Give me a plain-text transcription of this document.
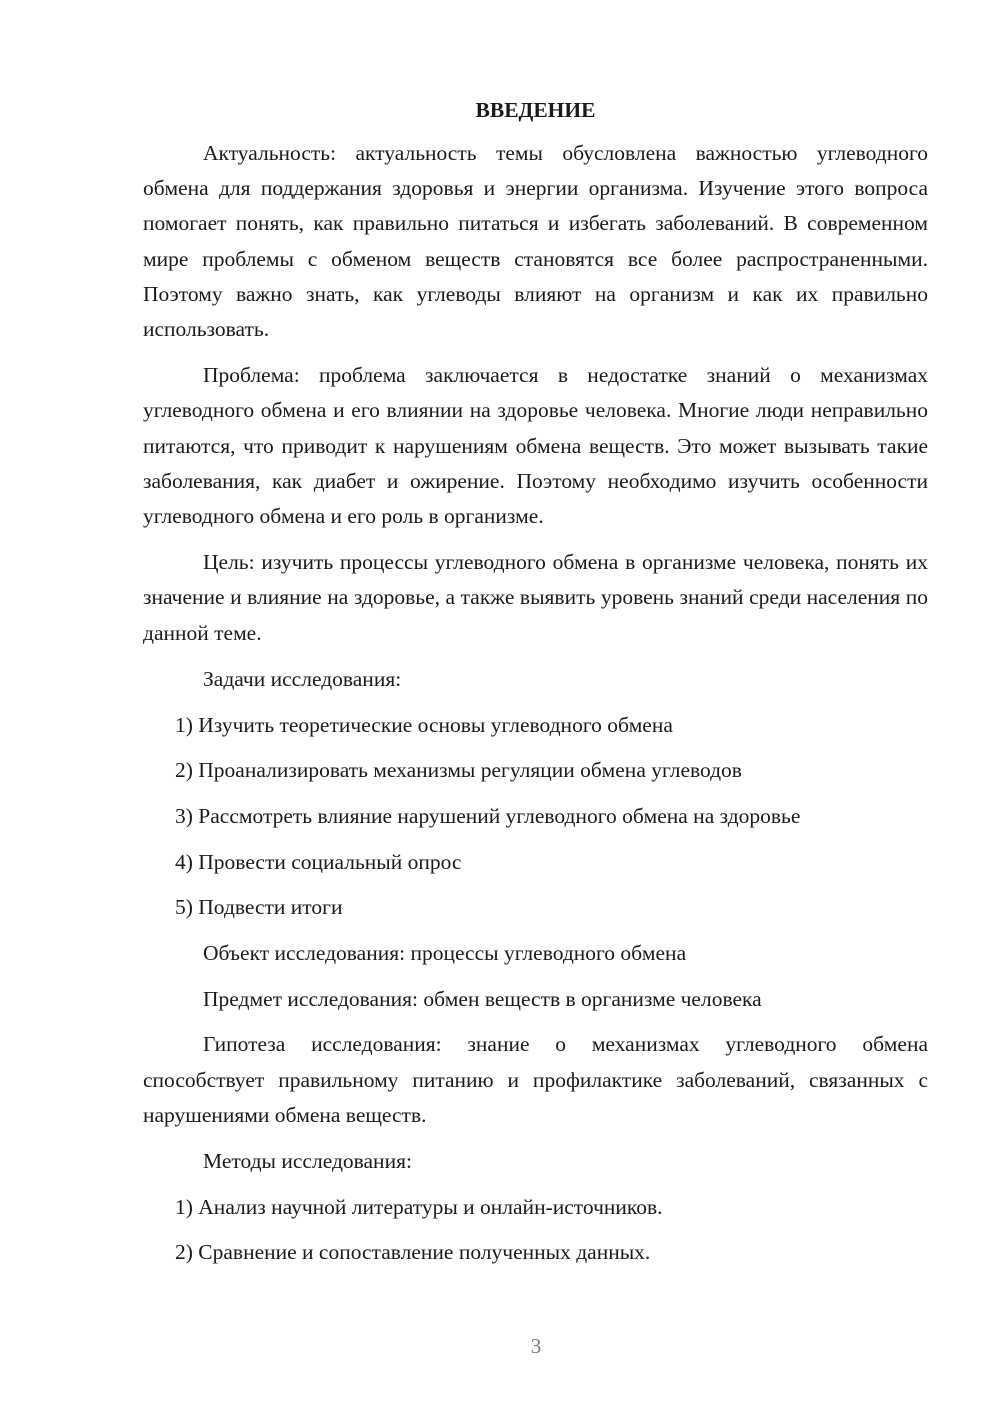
ВВЕДЕНИЕ

Актуальность: актуальность темы обусловлена важностью углеводного обмена для поддержания здоровья и энергии организма. Изучение этого вопроса помогает понять, как правильно питаться и избегать заболеваний. В современном мире проблемы с обменом веществ становятся все более распространенными. Поэтому важно знать, как углеводы влияют на организм и как их правильно использовать.

Проблема: проблема заключается в недостатке знаний о механизмах углеводного обмена и его влиянии на здоровье человека. Многие люди неправильно питаются, что приводит к нарушениям обмена веществ. Это может вызывать такие заболевания, как диабет и ожирение. Поэтому необходимо изучить особенности углеводного обмена и его роль в организме.

Цель: изучить процессы углеводного обмена в организме человека, понять их значение и влияние на здоровье, а также выявить уровень знаний среди населения по данной теме.

Задачи исследования:
1) Изучить теоретические основы углеводного обмена
2) Проанализировать механизмы регуляции обмена углеводов
3) Рассмотреть влияние нарушений углеводного обмена на здоровье
4) Провести социальный опрос
5) Подвести итоги
Объект исследования: процессы углеводного обмена
Предмет исследования: обмен веществ в организме человека

Гипотеза исследования: знание о механизмах углеводного обмена способствует правильному питанию и профилактике заболеваний, связанных с нарушениями обмена веществ.

Методы исследования:
1) Анализ научной литературы и онлайн-источников.
2) Сравнение и сопоставление полученных данных.
3
